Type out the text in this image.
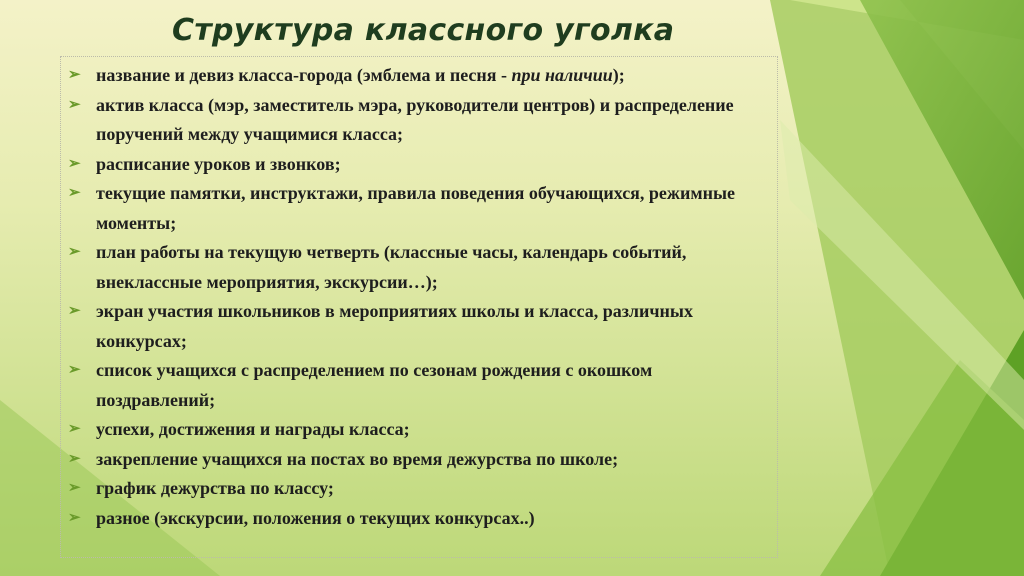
Структура классного уголка
➢ название и девиз класса-города (эмблема и песня - при наличии);
➢ актив класса (мэр, заместитель мэра, руководители центров) и распределение поручений между учащимися класса;
➢ расписание уроков и звонков;
➢ текущие памятки, инструктажи, правила поведения обучающихся, режимные моменты;
➢ план работы на текущую четверть (классные часы, календарь событий, внеклассные мероприятия, экскурсии…);
➢ экран участия школьников в мероприятиях школы и класса, различных конкурсах;
➢ список учащихся с распределением по сезонам рождения с окошком поздравлений;
➢ успехи, достижения и награды класса;
➢ закрепление учащихся на постах во время дежурства по школе;
➢ график дежурства по классу;
➢ разное (экскурсии, положения о текущих конкурсах..)
